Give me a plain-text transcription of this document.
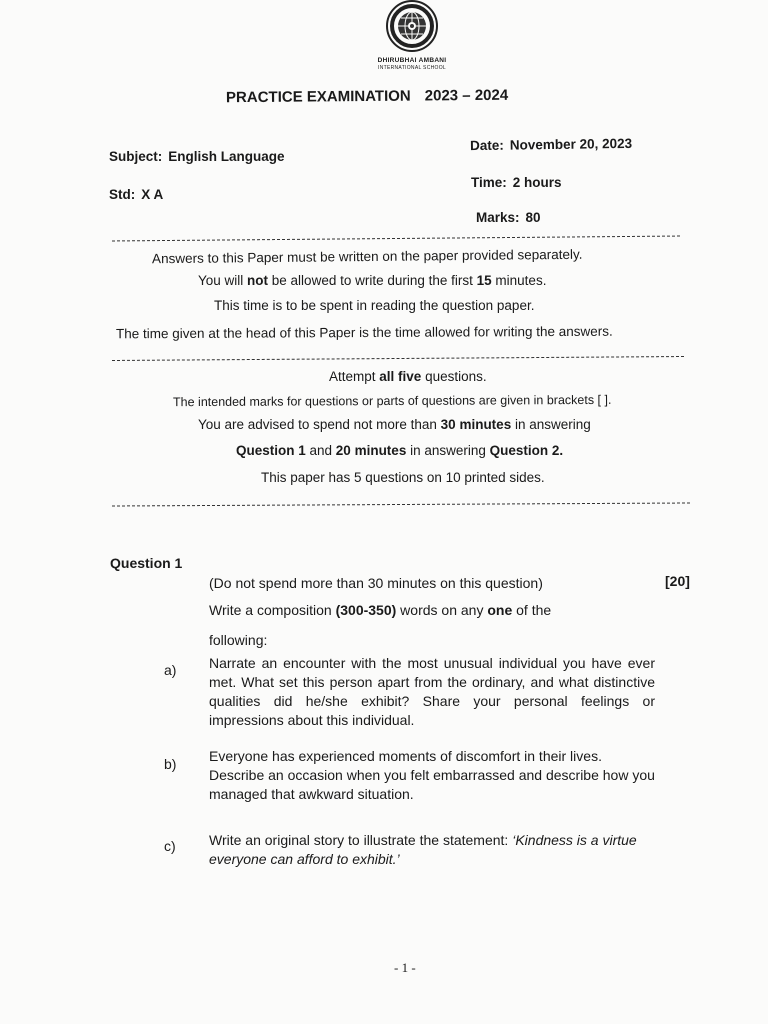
DHIRUBHAI AMBANI
INTERNATIONAL SCHOOL
PRACTICE EXAMINATION 2023 – 2024
Subject: English Language
Date: November 20, 2023
Std: X A
Time: 2 hours
Marks: 80
Answers to this Paper must be written on the paper provided separately.
You will not be allowed to write during the first 15 minutes.
This time is to be spent in reading the question paper.
The time given at the head of this Paper is the time allowed for writing the answers.
Attempt all five questions.
The intended marks for questions or parts of questions are given in brackets [ ].
You are advised to spend not more than 30 minutes in answering
Question 1 and 20 minutes in answering Question 2.
This paper has 5 questions on 10 printed sides.
Question 1
(Do not spend more than 30 minutes on this question)	[20]
Write a composition (300-350) words on any one of the
following:
a) Narrate an encounter with the most unusual individual you have ever met. What set this person apart from the ordinary, and what distinctive qualities did he/she exhibit? Share your personal feelings or impressions about this individual.
b) Everyone has experienced moments of discomfort in their lives. Describe an occasion when you felt embarrassed and describe how you managed that awkward situation.
c) Write an original story to illustrate the statement: ‘Kindness is a virtue everyone can afford to exhibit.’
- 1 -
